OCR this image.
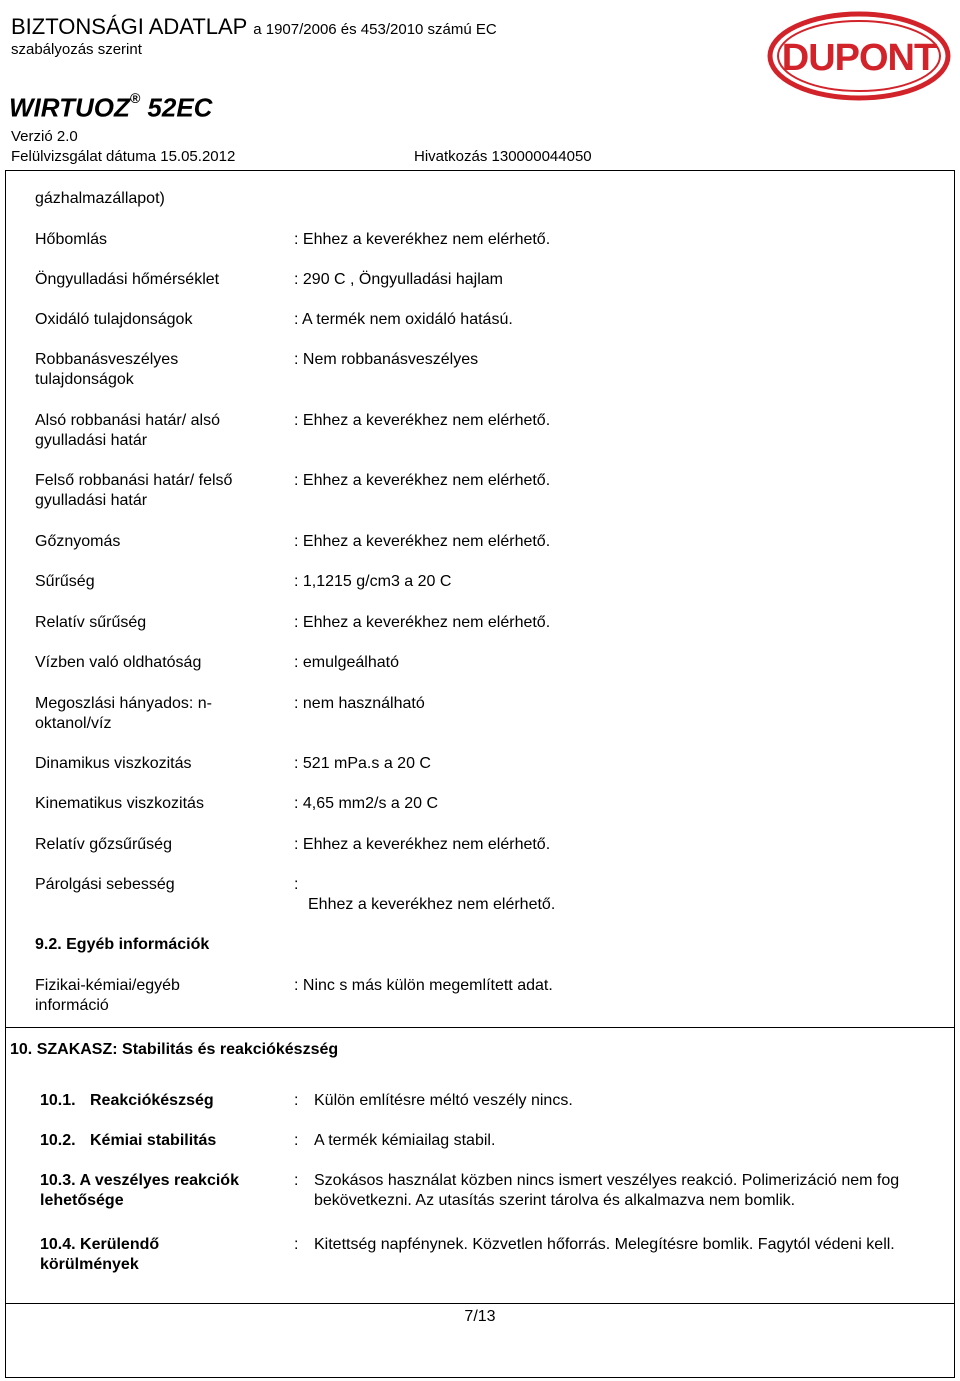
BIZTONSÁGI ADATLAP a 1907/2006 és 453/2010 számú EC
szabályozás szerint
WIRTUOZ® 52EC
Verzió 2.0
Felülvizsgálat dátuma 15.05.2012	Hivatkozás 130000044050
DUPONT
gázhalmazállapot)
Hőbomlás	: Ehhez a keverékhez nem elérhető.
Öngyulladási hőmérséklet	: 290 C , Öngyulladási hajlam
Oxidáló tulajdonságok	: A termék nem oxidáló hatású.
Robbanásveszélyes tulajdonságok
: Nem robbanásveszélyes
Alsó robbanási határ/ alsó gyulladási határ
: Ehhez a keverékhez nem elérhető.
Felső robbanási határ/ felső gyulladási határ
: Ehhez a keverékhez nem elérhető.
Gőznyomás	: Ehhez a keverékhez nem elérhető.
Sűrűség	: 1,1215 g/cm3 a 20 C
Relatív sűrűség	: Ehhez a keverékhez nem elérhető.
Vízben való oldhatóság	: emulgeálható
Megoszlási hányados: n-oktanol/víz
: nem használható
Dinamikus viszkozitás	: 521 mPa.s a 20 C
Kinematikus viszkozitás	: 4,65 mm2/s a 20 C
Relatív gőzsűrűség	: Ehhez a keverékhez nem elérhető.
Párolgási sebesség	:
Ehhez a keverékhez nem elérhető.
9.2. Egyéb információk
Fizikai-kémiai/egyéb információ
: Ninc s más külön megemlített adat.
10. SZAKASZ: Stabilitás és reakciókészség
10.1. Reakciókészség	: Külön említésre méltó veszély nincs.
10.2. Kémiai stabilitás	: A termék kémiailag stabil.
10.3. A veszélyes reakciók lehetősége
: Szokásos használat közben nincs ismert veszélyes reakció. Polimerizáció nem fog bekövetkezni. Az utasítás szerint tárolva és alkalmazva nem bomlik.
10.4. Kerülendő körülmények
: Kitettség napfénynek. Közvetlen hőforrás. Melegítésre bomlik. Fagytól védeni kell.
7/13
